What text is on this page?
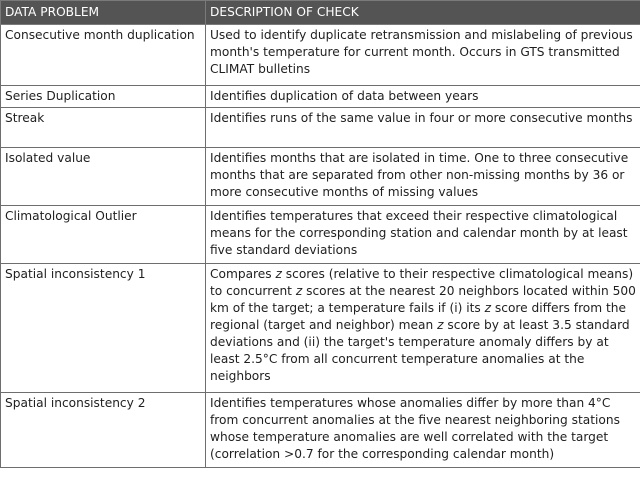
DATA PROBLEM	DESCRIPTION OF CHECK
Consecutive month duplication	Used to identify duplicate retransmission and mislabeling of previous month's temperature for current month. Occurs in GTS transmitted CLIMAT bulletins
Series Duplication	Identifies duplication of data between years
Streak	Identifies runs of the same value in four or more consecutive months
Isolated value	Identifies months that are isolated in time. One to three consecutive months that are separated from other non-missing months by 36 or more consecutive months of missing values
Climatological Outlier	Identifies temperatures that exceed their respective climatological means for the corresponding station and calendar month by at least five standard deviations
Spatial inconsistency 1	Compares z scores (relative to their respective climatological means) to concurrent z scores at the nearest 20 neighbors located within 500 km of the target; a temperature fails if (i) its z score differs from the regional (target and neighbor) mean z score by at least 3.5 standard deviations and (ii) the target's temperature anomaly differs by at least 2.5°C from all concurrent temperature anomalies at the neighbors
Spatial inconsistency 2	Identifies temperatures whose anomalies differ by more than 4°C from concurrent anomalies at the five nearest neighboring stations whose temperature anomalies are well correlated with the target (correlation >0.7 for the corresponding calendar month)
